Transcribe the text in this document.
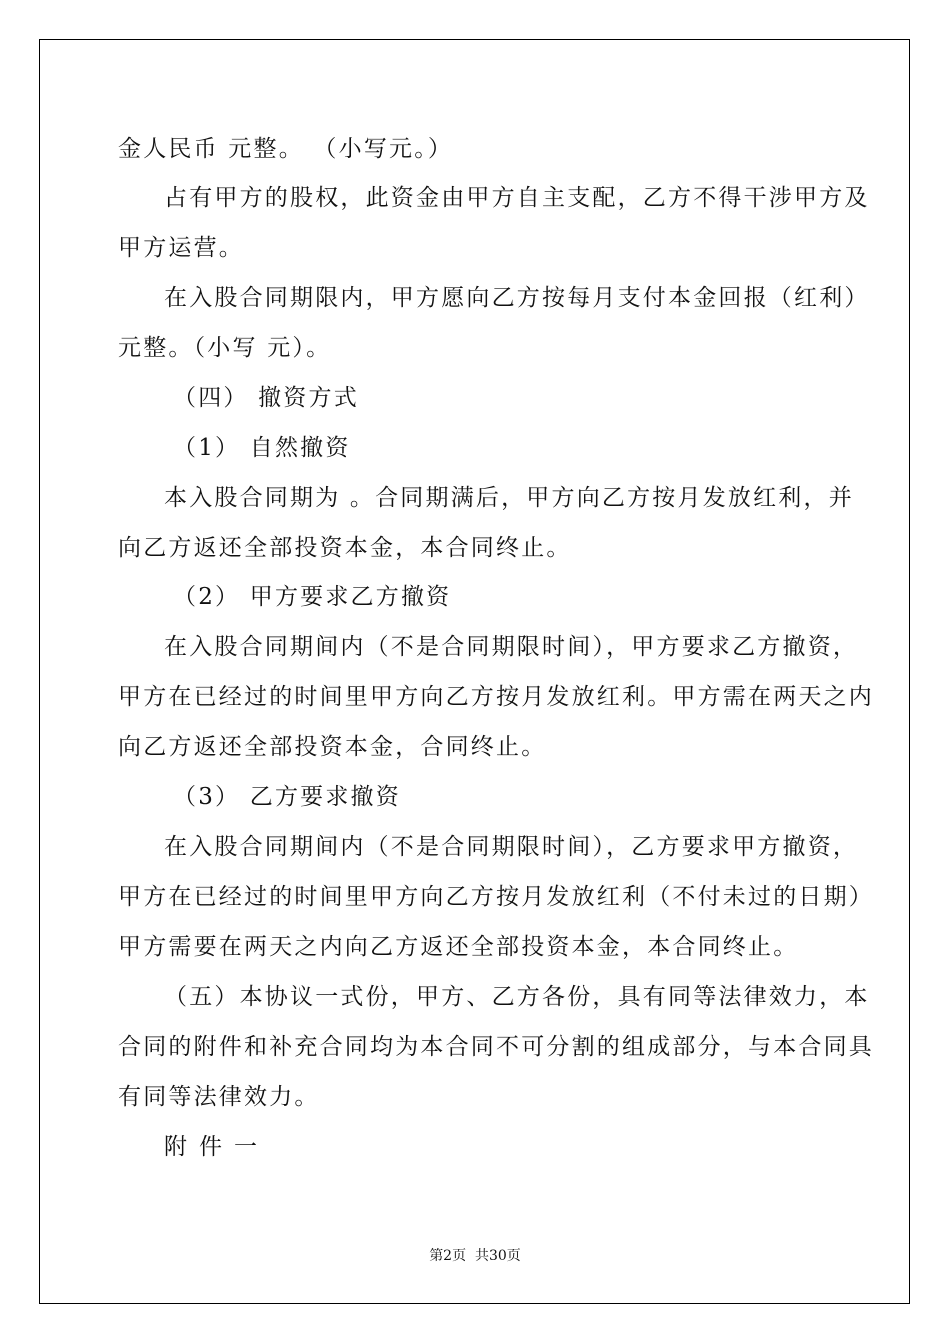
金人民币 元整。 （小写元。）
占有甲方的股权，此资金由甲方自主支配，乙方不得干涉甲方及
甲方运营。
在入股合同期限内，甲方愿向乙方按每月支付本金回报（红利）
元整。（小写 元）。
（四） 撤资方式
（1） 自然撤资
本入股合同期为 。合同期满后，甲方向乙方按月发放红利，并
向乙方返还全部投资本金，本合同终止。
（2） 甲方要求乙方撤资
在入股合同期间内（不是合同期限时间），甲方要求乙方撤资，
甲方在已经过的时间里甲方向乙方按月发放红利。甲方需在两天之内
向乙方返还全部投资本金，合同终止。
（3） 乙方要求撤资
在入股合同期间内（不是合同期限时间），乙方要求甲方撤资，
甲方在已经过的时间里甲方向乙方按月发放红利（不付未过的日期）
甲方需要在两天之内向乙方返还全部投资本金，本合同终止。
（五）本协议一式份，甲方、乙方各份，具有同等法律效力，本
合同的附件和补充合同均为本合同不可分割的组成部分，与本合同具
有同等法律效力。
附件一
第2页  共30页
